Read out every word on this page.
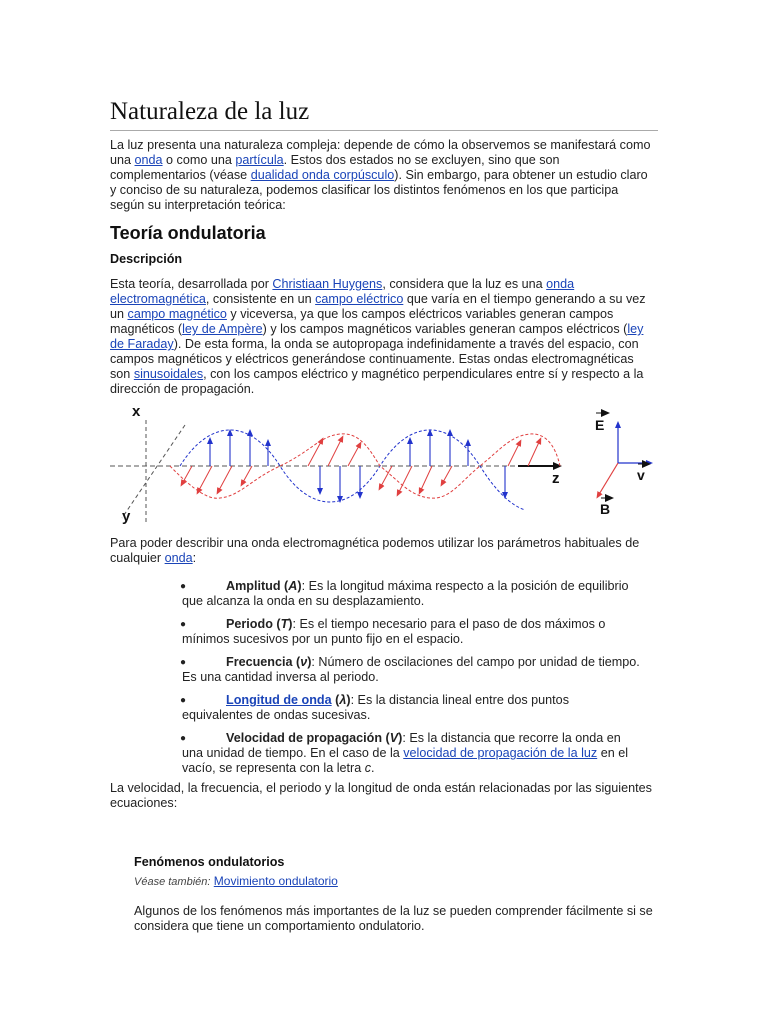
Naturaleza de la luz

La luz presenta una naturaleza compleja: depende de cómo la observemos se manifestará como una onda o como una partícula. Estos dos estados no se excluyen, sino que son complementarios (véase dualidad onda corpúsculo). Sin embargo, para obtener un estudio claro y conciso de su naturaleza, podemos clasificar los distintos fenómenos en los que participa según su interpretación teórica:

Teoría ondulatoria
Descripción

Esta teoría, desarrollada por Christiaan Huygens, considera que la luz es una onda electromagnética, consistente en un campo eléctrico que varía en el tiempo generando a su vez un campo magnético y viceversa, ya que los campos eléctricos variables generan campos magnéticos (ley de Ampère) y los campos magnéticos variables generan campos eléctricos (ley de Faraday). De esta forma, la onda se autopropaga indefinidamente a través del espacio, con campos magnéticos y eléctricos generándose continuamente. Estas ondas electromagnéticas son sinusoidales, con los campos eléctrico y magnético perpendiculares entre sí y respecto a la dirección de propagación.

x
y
z
E
v
B

Para poder describir una onda electromagnética podemos utilizar los parámetros habituales de cualquier onda:

●	Amplitud (A): Es la longitud máxima respecto a la posición de equilibrio que alcanza la onda en su desplazamiento.
●	Periodo (T): Es el tiempo necesario para el paso de dos máximos o mínimos sucesivos por un punto fijo en el espacio.
●	Frecuencia (ν): Número de oscilaciones del campo por unidad de tiempo. Es una cantidad inversa al periodo.
●	Longitud de onda (λ): Es la distancia lineal entre dos puntos equivalentes de ondas sucesivas.
●	Velocidad de propagación (V): Es la distancia que recorre la onda en una unidad de tiempo. En el caso de la velocidad de propagación de la luz en el vacío, se representa con la letra c.

La velocidad, la frecuencia, el periodo y la longitud de onda están relacionadas por las siguientes ecuaciones:

Fenómenos ondulatorios

Véase también: Movimiento ondulatorio

Algunos de los fenómenos más importantes de la luz se pueden comprender fácilmente si se considera que tiene un comportamiento ondulatorio.
